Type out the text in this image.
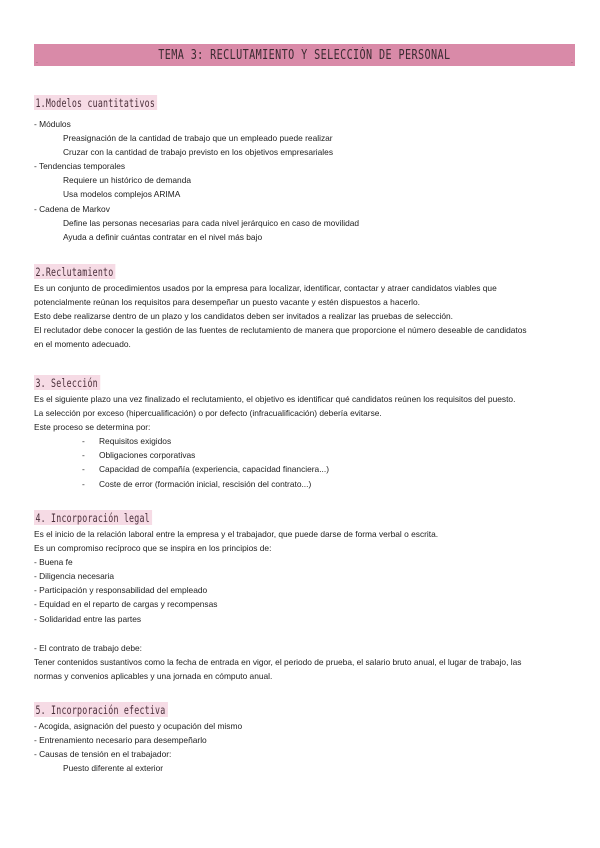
.	TEMA 3: RECLUTAMIENTO Y SELECCIÓN DE PERSONAL	.
1.Modelos cuantitativos

- Módulos

Preasignación de la cantidad de trabajo que un empleado puede realizar

Cruzar con la cantidad de trabajo previsto en los objetivos empresariales

- Tendencias temporales

Requiere un histórico de demanda

Usa modelos complejos ARIMA

- Cadena de Markov

Define las personas necesarias para cada nivel jerárquico en caso de movilidad

Ayuda a definir cuántas contratar en el nivel más bajo

2.Reclutamiento

Es un conjunto de procedimientos usados por la empresa para localizar, identificar, contactar y atraer candidatos viables que

potencialmente reúnan los requisitos para desempeñar un puesto vacante y estén dispuestos a hacerlo.

Esto debe realizarse dentro de un plazo y los candidatos deben ser invitados a realizar las pruebas de selección.

El reclutador debe conocer la gestión de las fuentes de reclutamiento de manera que proporcione el número deseable de candidatos

en el momento adecuado.

3. Selección

Es el siguiente plazo una vez finalizado el reclutamiento, el objetivo es identificar qué candidatos reúnen los requisitos del puesto.

La selección por exceso (hipercualificación) o por defecto (infracualificación) debería evitarse.

Este proceso se determina por:

-	Requisitos exigidos
-	Obligaciones corporativas
-	Capacidad de compañía (experiencia, capacidad financiera...)
-	Coste de error (formación inicial, rescisión del contrato...)
4. Incorporación legal

Es el inicio de la relación laboral entre la empresa y el trabajador, que puede darse de forma verbal o escrita.

Es un compromiso recíproco que se inspira en los principios de:

- Buena fe

- Diligencia necesaria

- Participación y responsabilidad del empleado

- Equidad en el reparto de cargas y recompensas

- Solidaridad entre las partes

- El contrato de trabajo debe:

Tener contenidos sustantivos como la fecha de entrada en vigor, el periodo de prueba, el salario bruto anual, el lugar de trabajo, las

normas y convenios aplicables y una jornada en cómputo anual.

5. Incorporación efectiva

- Acogida, asignación del puesto y ocupación del mismo

- Entrenamiento necesario para desempeñarlo

- Causas de tensión en el trabajador:

Puesto diferente al exterior
